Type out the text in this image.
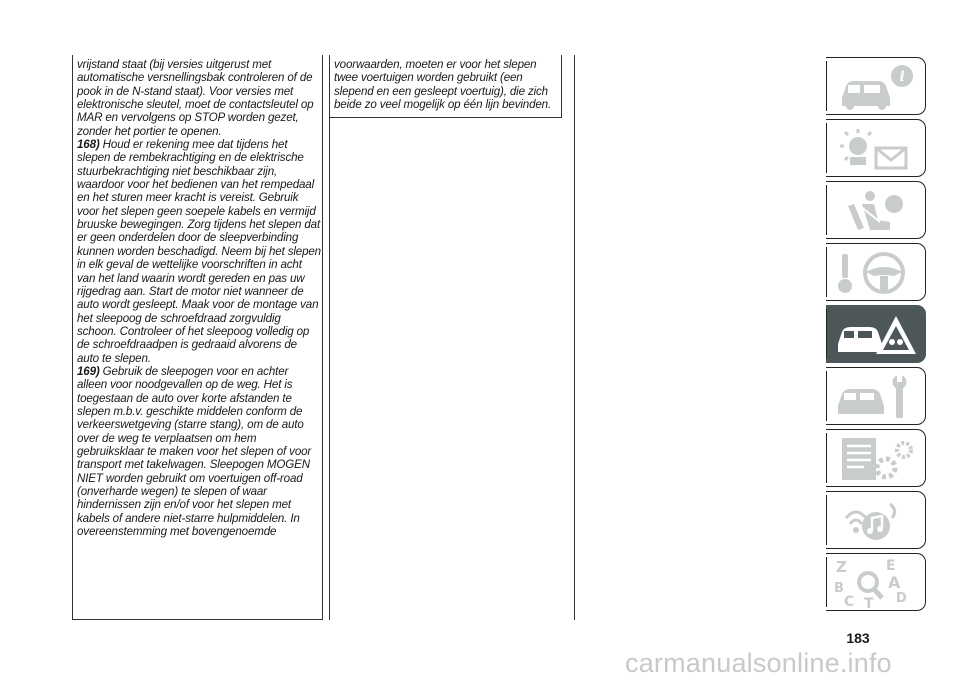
vrijstand staat (bij versies uitgerust met automatische versnellingsbak controleren of de pook in de N-stand staat). Voor versies met elektronische sleutel, moet de contactsleutel op MAR en vervolgens op STOP worden gezet, zonder het portier te openen.

168) Houd er rekening mee dat tijdens het slepen de rembekrachtiging en de elektrische stuurbekrachtiging niet beschikbaar zijn, waardoor voor het bedienen van het rempedaal en het sturen meer kracht is vereist. Gebruik voor het slepen geen soepele kabels en vermijd bruuske bewegingen. Zorg tijdens het slepen dat er geen onderdelen door de sleepverbinding kunnen worden beschadigd. Neem bij het slepen in elk geval de wettelijke voorschriften in acht van het land waarin wordt gereden en pas uw rijgedrag aan. Start de motor niet wanneer de auto wordt gesleept. Maak voor de montage van het sleepoog de schroefdraad zorgvuldig schoon. Controleer of het sleepoog volledig op de schroefdraadpen is gedraaid alvorens de auto te slepen.

169) Gebruik de sleepogen voor en achter alleen voor noodgevallen op de weg. Het is toegestaan de auto over korte afstanden te slepen m.b.v. geschikte middelen conform de verkeerswetgeving (starre stang), om de auto over de weg te verplaatsen om hem gebruiksklaar te maken voor het slepen of voor transport met takelwagen. Sleepogen MOGEN NIET worden gebruikt om voertuigen off-road (onverharde wegen) te slepen of waar hindernissen zijn en/of voor het slepen met kabels of andere niet-starre hulpmiddelen. In overeenstemming met bovengenoemde

voorwaarden, moeten er voor het slepen twee voertuigen worden gebruikt (een slepend en een gesleept voertuig), die zich beide zo veel mogelijk op één lijn bevinden.

i
Z	E
B	A
C T D
183
carmanualsonline.info
